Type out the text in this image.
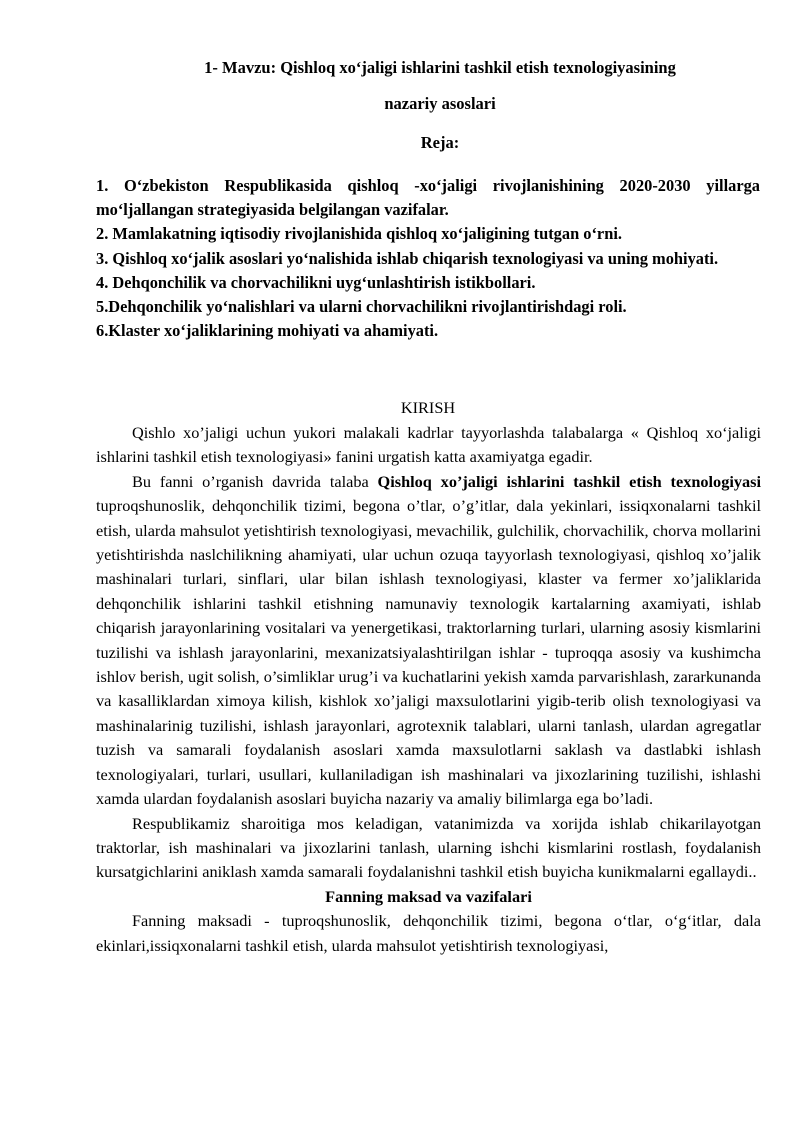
1- Mavzu: Qishloq xo‘jaligi ishlarini tashkil etish texnologiyasining
nazariy asoslari
Reja:

1. O‘zbekiston Respublikasida qishloq -xo‘jaligi rivojlanishining 2020-2030 yillarga mo‘ljallangan strategiyasida belgilangan vazifalar.

2. Mamlakatning iqtisodiy rivojlanishida qishloq xo‘jaligining tutgan o‘rni.

3. Qishloq xo‘jalik asoslari yo‘nalishida ishlab chiqarish texnologiyasi va uning mohiyati.

4. Dehqonchilik va chorvachilikni uyg‘unlashtirish istikbollari.

5.Dehqonchilik yo‘nalishlari va ularni chorvachilikni rivojlantirishdagi roli.

6.Klaster xo‘jaliklarining mohiyati va ahamiyati.

KIRISH

Qishlo xo’jaligi uchun yukori malakali kadrlar tayyorlashda talabalarga « Qishloq xo‘jaligi ishlarini tashkil etish texnologiyasi» fanini urgatish katta axamiyatga egadir.

Bu fanni o’rganish davrida talaba Qishloq xo’jaligi ishlarini tashkil etish texnologiyasi tuproqshunoslik, dehqonchilik tizimi, begona o’tlar, o’g’itlar, dala yekinlari, issiqxonalarni tashkil etish, ularda mahsulot yetishtirish texnologiyasi, mevachilik, gulchilik, chorvachilik, chorva mollarini yetishtirishda naslchilikning ahamiyati, ular uchun ozuqa tayyorlash texnologiyasi, qishloq xo’jalik mashinalari turlari, sinflari, ular bilan ishlash texnologiyasi, klaster va fermer xo’jaliklarida dehqonchilik ishlarini tashkil etishning namunaviy texnologik kartalarning axamiyati, ishlab chiqarish jarayonlarining vositalari va yenergetikasi, traktorlarning turlari, ularning asosiy kismlarini tuzilishi va ishlash jarayonlarini, mexanizatsiyalashtirilgan ishlar - tuproqqa asosiy va kushimcha ishlov berish, ugit solish, o’simliklar urug’i va kuchatlarini yekish xamda parvarishlash, zararkunanda va kasalliklardan ximoya kilish, kishlok xo’jaligi maxsulotlarini yigib-terib olish texnologiyasi va mashinalarinig tuzilishi, ishlash jarayonlari, agrotexnik talablari, ularni tanlash, ulardan agregatlar tuzish va samarali foydalanish asoslari xamda maxsulotlarni saklash va dastlabki ishlash texnologiyalari, turlari, usullari, kullaniladigan ish mashinalari va jixozlarining tuzilishi, ishlashi xamda ulardan foydalanish asoslari buyicha nazariy va amaliy bilimlarga ega bo’ladi.

Respublikamiz sharoitiga mos keladigan, vatanimizda va xorijda ishlab chikarilayotgan traktorlar, ish mashinalari va jixozlarini tanlash, ularning ishchi kismlarini rostlash, foydalanish kursatgichlarini aniklash xamda samarali foydalanishni tashkil etish buyicha kunikmalarni egallaydi..

Fanning maksad va vazifalari

Fanning maksadi - tuproqshunoslik, dehqonchilik tizimi, begona o‘tlar, o‘g‘itlar, dala ekinlari,issiqxonalarni tashkil etish, ularda mahsulot yetishtirish texnologiyasi,
